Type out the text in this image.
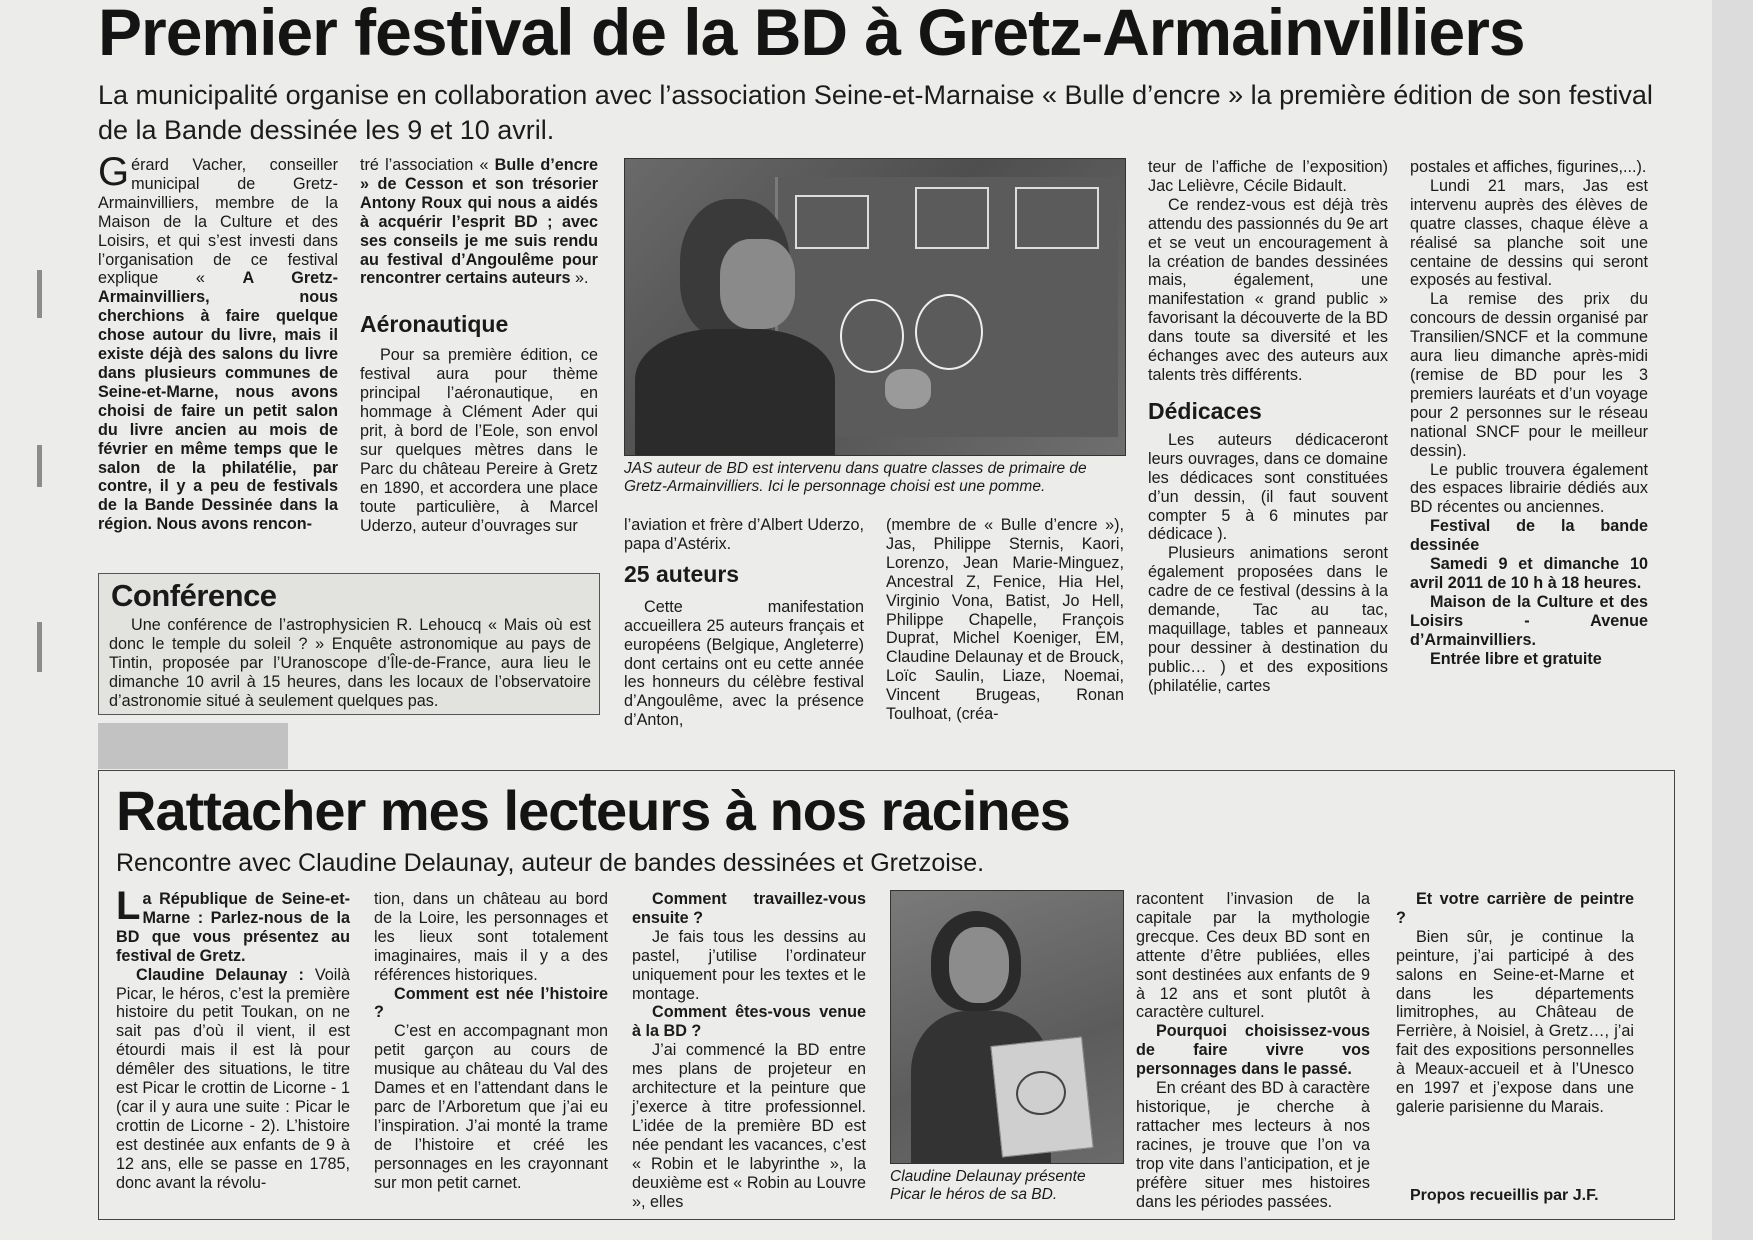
Premier festival de la BD à Gretz-Armainvilliers
La municipalité organise en collaboration avec l’association Seine-et-Marnaise « Bulle d’encre » la première édition de son festival
de la Bande dessinée les 9 et 10 avril.

Gérard Vacher, conseiller municipal de Gretz-Armainvilliers, membre de la Maison de la Culture et des Loisirs, et qui s’est investi dans l’organisation de ce festival explique « A Gretz-Armainvilliers, nous cherchions à faire quelque chose autour du livre, mais il existe déjà des salons du livre dans plusieurs communes de Seine-et-Marne, nous avons choisi de faire un petit salon du livre ancien au mois de février en même temps que le salon de la philatélie, par contre, il y a peu de festivals de la Bande Dessinée dans la région. Nous avons rencon-

tré l’association « Bulle d’encre » de Cesson et son trésorier Antony Roux qui nous a aidés à acquérir l’esprit BD ; avec ses conseils je me suis rendu au festival d’Angoulême pour rencontrer certains auteurs ».

Aéronautique

Pour sa première édition, ce festival aura pour thème principal l’aéronautique, en hommage à Clément Ader qui prit, à bord de l’Eole, son envol sur quelques mètres dans le Parc du château Pereire à Gretz en 1890, et accordera une place toute particulière, à Marcel Uderzo, auteur d’ouvrages sur

JAS auteur de BD est intervenu dans quatre classes de primaire de Gretz-Armainvilliers. Ici le personnage choisi est une pomme.

l’aviation et frère d’Albert Uderzo, papa d’Astérix.

25 auteurs

Cette manifestation accueillera 25 auteurs français et européens (Belgique, Angleterre) dont certains ont eu cette année les honneurs du célèbre festival d’Angoulême, avec la présence d’Anton,

(membre de « Bulle d’encre »), Jas, Philippe Sternis, Kaori, Lorenzo, Jean Marie-Minguez, Ancestral Z, Fenice, Hia Hel, Virginio Vona, Batist, Jo Hell, Philippe Chapelle, François Duprat, Michel Koeniger, EM, Claudine Delaunay et de Brouck, Loïc Saulin, Liaze, Noemai, Vincent Brugeas, Ronan Toulhoat, (créa-

teur de l’affiche de l’exposition) Jac Lelièvre, Cécile Bidault.

Ce rendez-vous est déjà très attendu des passionnés du 9e art et se veut un encouragement à la création de bandes dessinées mais, également, une manifestation « grand public » favorisant la découverte de la BD dans toute sa diversité et les échanges avec des auteurs aux talents très différents.

Dédicaces

Les auteurs dédicaceront leurs ouvrages, dans ce domaine les dédicaces sont constituées d’un dessin, (il faut souvent compter 5 à 6 minutes par dédicace ).

Plusieurs animations seront également proposées dans le cadre de ce festival (dessins à la demande, Tac au tac, maquillage, tables et panneaux pour dessiner à destination du public… ) et des expositions (philatélie, cartes

postales et affiches, figurines,...).

Lundi 21 mars, Jas est intervenu auprès des élèves de quatre classes, chaque élève a réalisé sa planche soit une centaine de dessins qui seront exposés au festival.

La remise des prix du concours de dessin organisé par Transilien/SNCF et la commune aura lieu dimanche après-midi (remise de BD pour les 3 premiers lauréats et d’un voyage pour 2 personnes sur le réseau national SNCF pour le meilleur dessin).

Le public trouvera également des espaces librairie dédiés aux BD récentes ou anciennes.

Festival de la bande dessinée

Samedi 9 et dimanche 10 avril 2011 de 10 h à 18 heures.

Maison de la Culture et des Loisirs - Avenue d’Armainvilliers.

Entrée libre et gratuite

Conférence
Une conférence de l’astrophysicien R. Lehoucq « Mais où est donc le temple du soleil ? » Enquête astronomique au pays de Tintin, proposée par l’Uranoscope d’Île-de-France, aura lieu le dimanche 10 avril à 15 heures, dans les locaux de l’observatoire d’astronomie situé à seulement quelques pas.
Rattacher mes lecteurs à nos racines
Rencontre avec Claudine Delaunay, auteur de bandes dessinées et Gretzoise.

La République de Seine-et-Marne : Parlez-nous de la BD que vous présentez au festival de Gretz.

Claudine Delaunay : Voilà Picar, le héros, c’est la première histoire du petit Toukan, on ne sait pas d’où il vient, il est étourdi mais il est là pour démêler des situations, le titre est Picar le crottin de Licorne - 1 (car il y aura une suite : Picar le crottin de Licorne - 2). L’histoire est destinée aux enfants de 9 à 12 ans, elle se passe en 1785, donc avant la révolu-

tion, dans un château au bord de la Loire, les personnages et les lieux sont totalement imaginaires, mais il y a des références historiques.

Comment est née l’histoire ?

C’est en accompagnant mon petit garçon au cours de musique au château du Val des Dames et en l’attendant dans le parc de l’Arboretum que j’ai eu l’inspiration. J’ai monté la trame de l’histoire et créé les personnages en les crayonnant sur mon petit carnet.

Comment travaillez-vous ensuite ?

Je fais tous les dessins au pastel, j’utilise l’ordinateur uniquement pour les textes et le montage.

Comment êtes-vous venue à la BD ?

J’ai commencé la BD entre mes plans de projeteur en architecture et la peinture que j’exerce à titre professionnel. L’idée de la première BD est née pendant les vacances, c’est « Robin et le labyrinthe », la deuxième est « Robin au Louvre », elles

Claudine Delaunay présente Picar le héros de sa BD.

racontent l’invasion de la capitale par la mythologie grecque. Ces deux BD sont en attente d’être publiées, elles sont destinées aux enfants de 9 à 12 ans et sont plutôt à caractère culturel.

Pourquoi choisissez-vous de faire vivre vos personnages dans le passé.

En créant des BD à caractère historique, je cherche à rattacher mes lecteurs à nos racines, je trouve que l’on va trop vite dans l’anticipation, et je préfère situer mes histoires dans les périodes passées.

Et votre carrière de peintre ?

Bien sûr, je continue la peinture, j’ai participé à des salons en Seine-et-Marne et dans les départements limitrophes, au Château de Ferrière, à Noisiel, à Gretz…, j’ai fait des expositions personnelles à Meaux-accueil et à l’Unesco en 1997 et j’expose dans une galerie parisienne du Marais.

Propos recueillis par J.F.
